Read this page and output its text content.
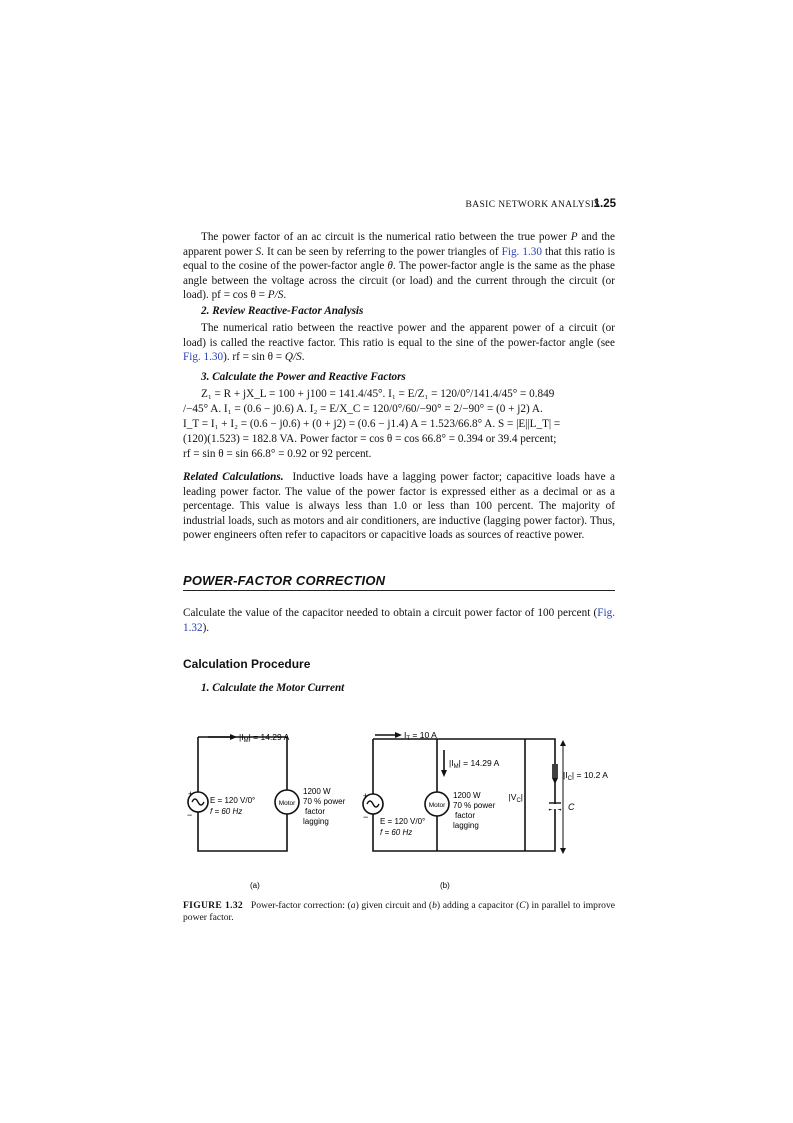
BASIC NETWORK ANALYSIS
1.25

The power factor of an ac circuit is the numerical ratio between the true power P and the apparent power S. It can be seen by referring to the power triangles of Fig. 1.30 that this ratio is equal to the cosine of the power-factor angle θ. The power-factor angle is the same as the phase angle between the voltage across the circuit (or load) and the current through the circuit (or load). pf = cos θ = P/S.

2. Review Reactive-Factor Analysis

The numerical ratio between the reactive power and the apparent power of a circuit (or load) is called the reactive factor. This ratio is equal to the sine of the power-factor angle (see Fig. 1.30). rf = sin θ = Q/S.

3. Calculate the Power and Reactive Factors
Z₁ = R + jX_L = 100 + j100 = 141.4/45°. I₁ = E/Z₁ = 120/0°/141.4/45° = 0.849
/−45° A. I₁ = (0.6 − j0.6) A. I₂ = E/X_C = 120/0°/60/−90° = 2/−90° = (0 + j2) A.
I_T = I₁ + I₂ = (0.6 − j0.6) + (0 + j2) = (0.6 − j1.4) A = 1.523/66.8° A. S = |E||L_T| =
(120)(1.523) = 182.8 VA. Power factor = cos θ = cos 66.8° = 0.394 or 39.4 percent;
rf = sin θ = sin 66.8° = 0.92 or 92 percent.

Related Calculations. Inductive loads have a lagging power factor; capacitive loads have a leading power factor. The value of the power factor is expressed either as a decimal or as a percentage. This value is always less than 1.0 or less than 100 percent. The majority of industrial loads, such as motors and air conditioners, are inductive (lagging power factor). Thus, power engineers often refer to capacitors or capacitive loads as sources of reactive power.

POWER-FACTOR CORRECTION

Calculate the value of the capacitor needed to obtain a circuit power factor of 100 percent (Fig. 1.32).

Calculation Procedure
1. Calculate the Motor Current
$|I_M| = 14.29$ A
+
−
E = 120 V/0°
f = 60 Hz
Motor
1200 W
70 % power
factor
lagging
(a)
$I_T = 10$ A
$|I_M| = 14.29$ A
$|I_C| = 10.2$ A
$|V_C|$
C
+
− E = 120 V/0°
f = 60 Hz
Motor
1200 W
70 % power
factor
lagging
(b)
FIGURE 1.32 Power-factor correction: (a) given circuit and (b) adding a capacitor (C) in parallel to improve power factor.
